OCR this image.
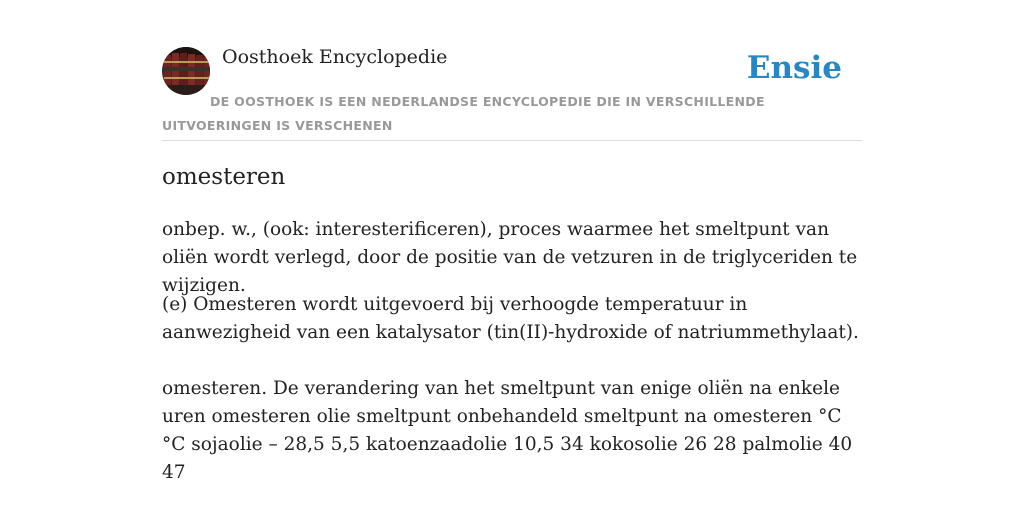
Oosthoek Encyclopedie	Ensie
DE OOSTHOEK IS EEN NEDERLANDSE ENCYCLOPEDIE DIE IN VERSCHILLENDE UITVOERINGEN IS VERSCHENEN
omesteren
onbep. w., (ook: interesterificeren), proces waarmee het smeltpunt van oliën wordt verlegd, door de positie van de vetzuren in de triglyceriden te wijzigen.
(e) Omesteren wordt uitgevoerd bij verhoogde temperatuur in aanwezigheid van een katalysator (tin(II)-hydroxide of natriummethylaat).
omesteren. De verandering van het smeltpunt van enige oliën na enkele uren omesteren olie smeltpunt onbehandeld smeltpunt na omesteren °C °C sojaolie – 28,5 5,5 katoenzaadolie 10,5 34 kokosolie 26 28 palmolie 40 47
